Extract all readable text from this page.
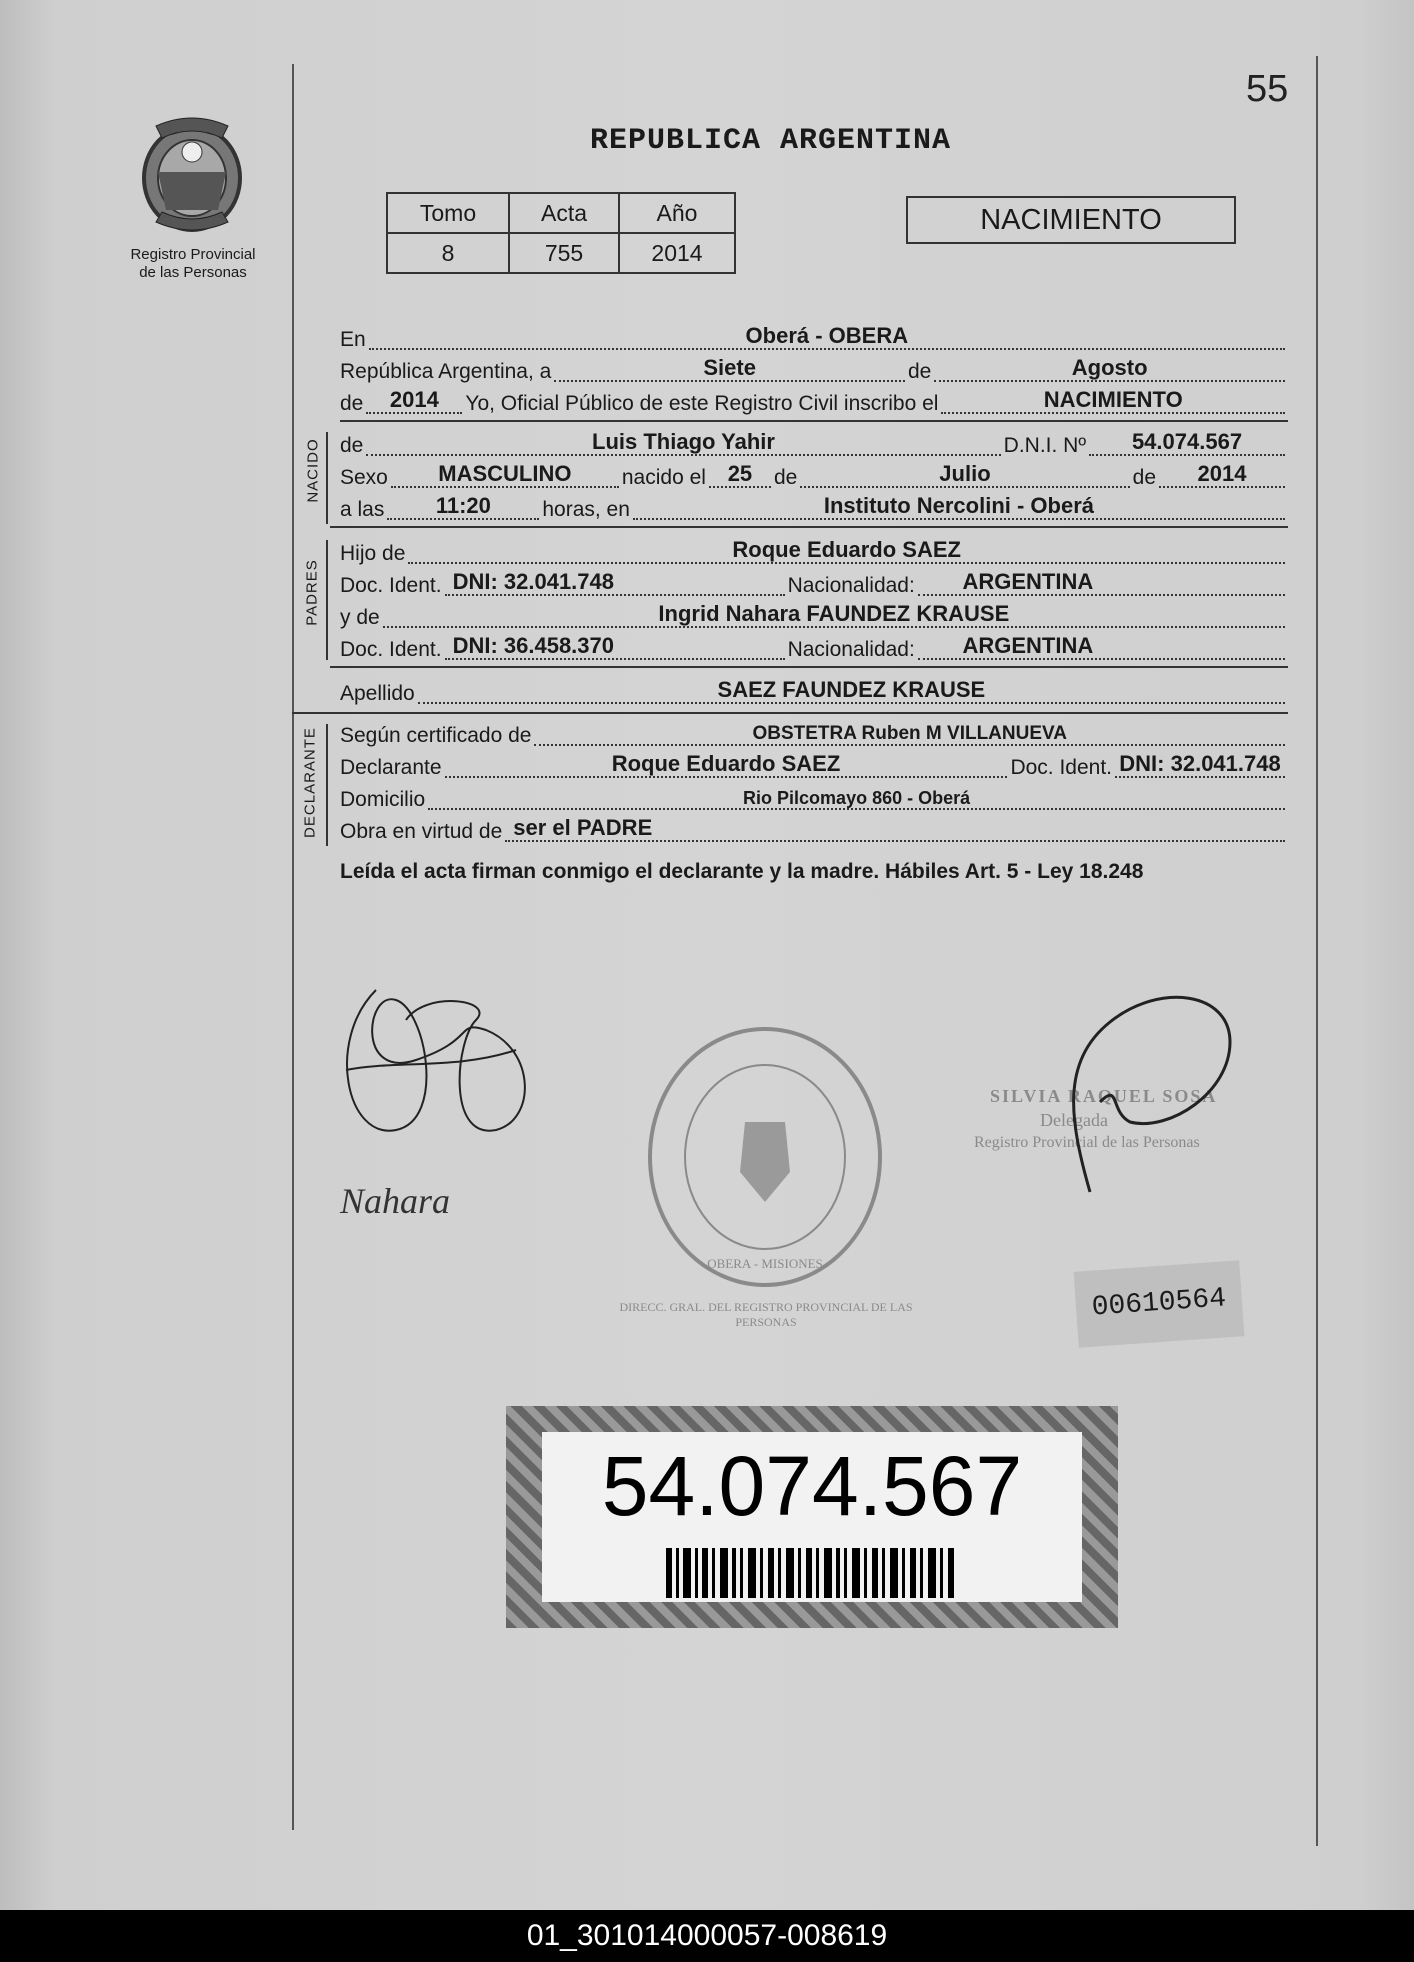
55
REPUBLICA ARGENTINA
Registro Provincial
de las Personas
Tomo	Acta	Año
8	755	2014
NACIMIENTO
En	Oberá - OBERA
República Argentina, a	Siete	de	Agosto
de 2014 Yo, Oficial Público de este Registro Civil inscribo el	NACIMIENTO
NACIDO de	Luis Thiago Yahir	D.N.I. Nº 54.074.567
Sexo MASCULINO nacido el 25 de	Julio	de 2014
a las 11:20 horas, en	Instituto Nercolini - Oberá
PADRES
Hijo de	Roque Eduardo SAEZ
Doc. Ident. DNI: 32.041.748	Nacionalidad: ARGENTINA
y de	Ingrid Nahara FAUNDEZ KRAUSE
Doc. Ident. DNI: 36.458.370	Nacionalidad: ARGENTINA
Apellido	SAEZ FAUNDEZ KRAUSE
DECLARANTE Según certificado de	OBSTETRA Ruben M VILLANUEVA
Declarante	Roque Eduardo SAEZ	Doc. Ident. DNI: 32.041.748
Domicilio	Rio Pilcomayo 860 - Oberá
Obra en virtud de ser el PADRE
Leída el acta firman conmigo el declarante y la madre. Hábiles Art. 5 - Ley 18.248
Nahara
DIRECC. GRAL. DEL REGISTRO PROVINCIAL DE LAS PERSONAS
OBERA - MISIONES
SILVIA RAQUEL SOSA
Delegada
Registro Provincial de las Personas
00610564
54.074.567
01_301014000057-008619
